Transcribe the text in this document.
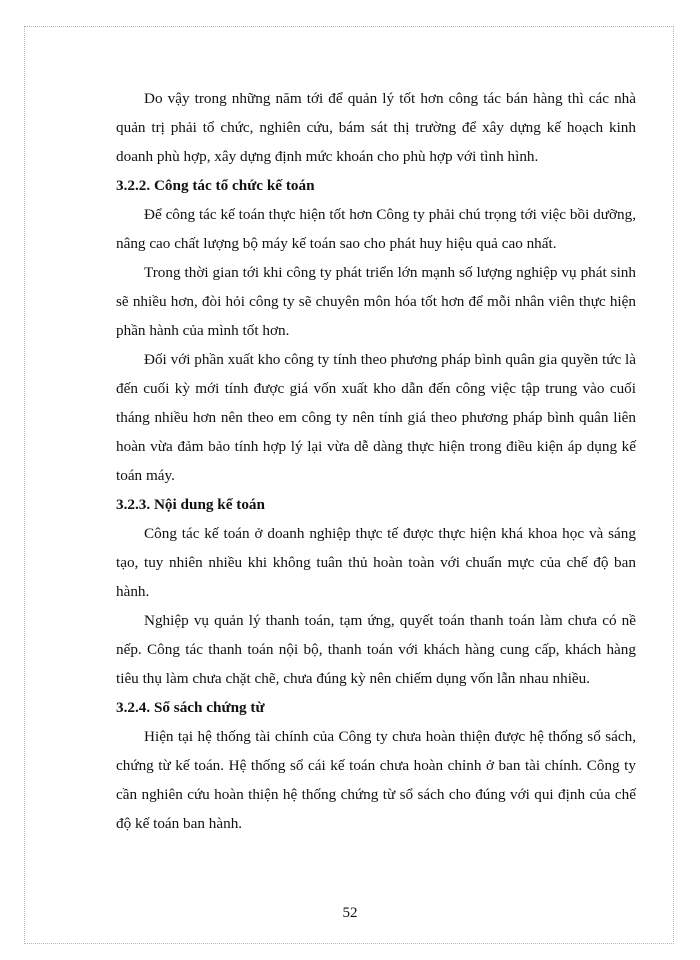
Do vậy trong những năm tới để quản lý tốt hơn công tác bán hàng thì các nhà quản trị phải tổ chức, nghiên cứu, bám sát thị trường để xây dựng kế hoạch kinh doanh phù hợp, xây dựng định mức khoán cho phù hợp với tình hình.

3.2.2. Công tác tổ chức kế toán

Để công tác kế toán thực hiện tốt hơn Công ty phải chú trọng tới việc bồi dưỡng, nâng cao chất lượng bộ máy kế toán sao cho phát huy hiệu quả cao nhất.

Trong thời gian tới khi công ty phát triển lớn mạnh số lượng nghiệp vụ phát sinh sẽ nhiều hơn, đòi hỏi công ty sẽ chuyên môn hóa tốt hơn để mỗi nhân viên thực hiện phần hành của mình tốt hơn.

Đối với phần xuất kho công ty tính theo phương pháp bình quân gia quyền tức là đến cuối kỳ mới tính được giá vốn xuất kho dẫn đến công việc tập trung vào cuối tháng nhiều hơn nên theo em công ty nên tính giá theo phương pháp bình quân liên hoàn vừa đảm bảo tính hợp lý lại vừa dễ dàng thực hiện trong điều kiện áp dụng kế toán máy.

3.2.3. Nội dung kế toán

Công tác kế toán ở doanh nghiệp thực tế được thực hiện khá khoa học và sáng tạo, tuy nhiên nhiều khi không tuân thủ hoàn toàn với chuẩn mực của chế độ ban hành.

Nghiệp vụ quản lý thanh toán, tạm ứng, quyết toán thanh toán làm chưa có nề nếp. Công tác thanh toán nội bộ, thanh toán với khách hàng cung cấp, khách hàng tiêu thụ làm chưa chặt chẽ, chưa đúng kỳ nên chiếm dụng vốn lẫn nhau nhiều.

3.2.4. Sổ sách chứng từ

Hiện tại hệ thống tài chính của Công ty chưa hoàn thiện được hệ thống sổ sách, chứng từ kế toán. Hệ thống sổ cái kế toán chưa hoàn chỉnh ở ban tài chính. Công ty cần nghiên cứu hoàn thiện hệ thống chứng từ sổ sách cho đúng với qui định của chế độ kế toán ban hành.

52
